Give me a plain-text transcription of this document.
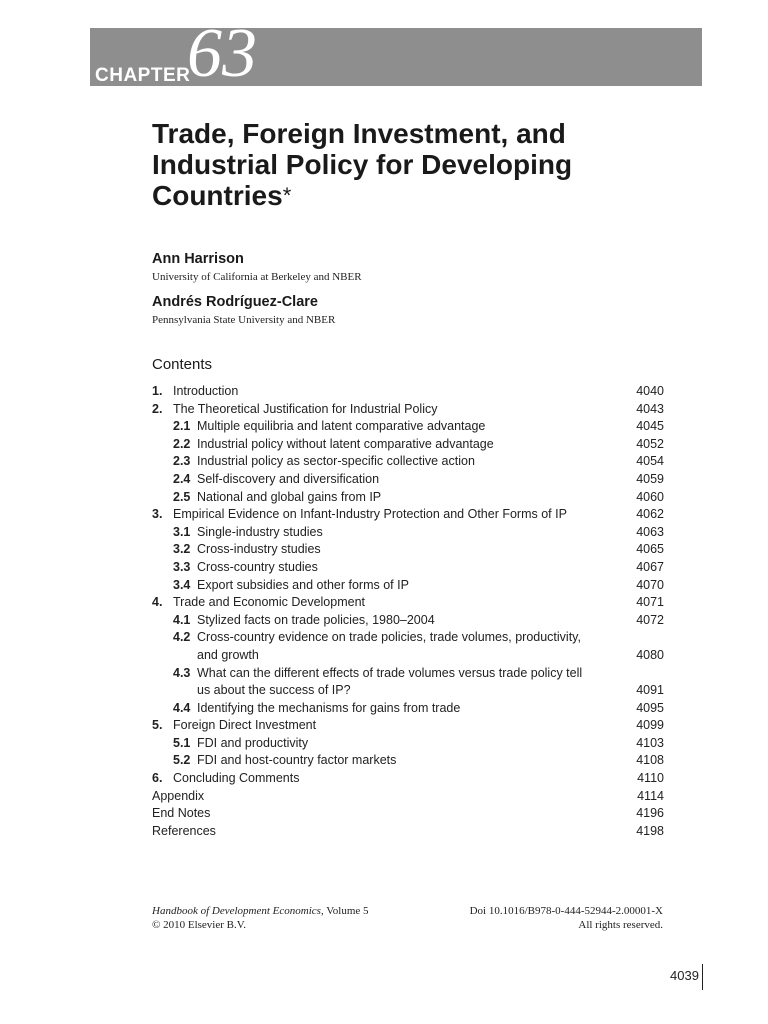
CHAPTER
63
Trade, Foreign Investment, and Industrial Policy for Developing Countries*
Ann Harrison
University of California at Berkeley and NBER
Andrés Rodríguez-Clare
Pennsylvania State University and NBER
Contents
1. Introduction	4040
2. The Theoretical Justification for Industrial Policy	4043
2.1 Multiple equilibria and latent comparative advantage	4045
2.2 Industrial policy without latent comparative advantage	4052
2.3 Industrial policy as sector-specific collective action	4054
2.4 Self-discovery and diversification	4059
2.5 National and global gains from IP	4060
3. Empirical Evidence on Infant-Industry Protection and Other Forms of IP	4062
3.1 Single-industry studies	4063
3.2 Cross-industry studies	4065
3.3 Cross-country studies	4067
3.4 Export subsidies and other forms of IP	4070
4. Trade and Economic Development	4071
4.1 Stylized facts on trade policies, 1980–2004	4072
4.2 Cross-country evidence on trade policies, trade volumes, productivity,
and growth	4080
4.3 What can the different effects of trade volumes versus trade policy tell
us about the success of IP?	4091
4.4 Identifying the mechanisms for gains from trade	4095
5. Foreign Direct Investment	4099
5.1 FDI and productivity	4103
5.2 FDI and host-country factor markets	4108
6. Concluding Comments	4110
Appendix	4114
End Notes	4196
References	4198
Handbook of Development Economics, Volume 5
© 2010 Elsevier B.V.
Doi 10.1016/B978-0-444-52944-2.00001-X
All rights reserved.
4039
